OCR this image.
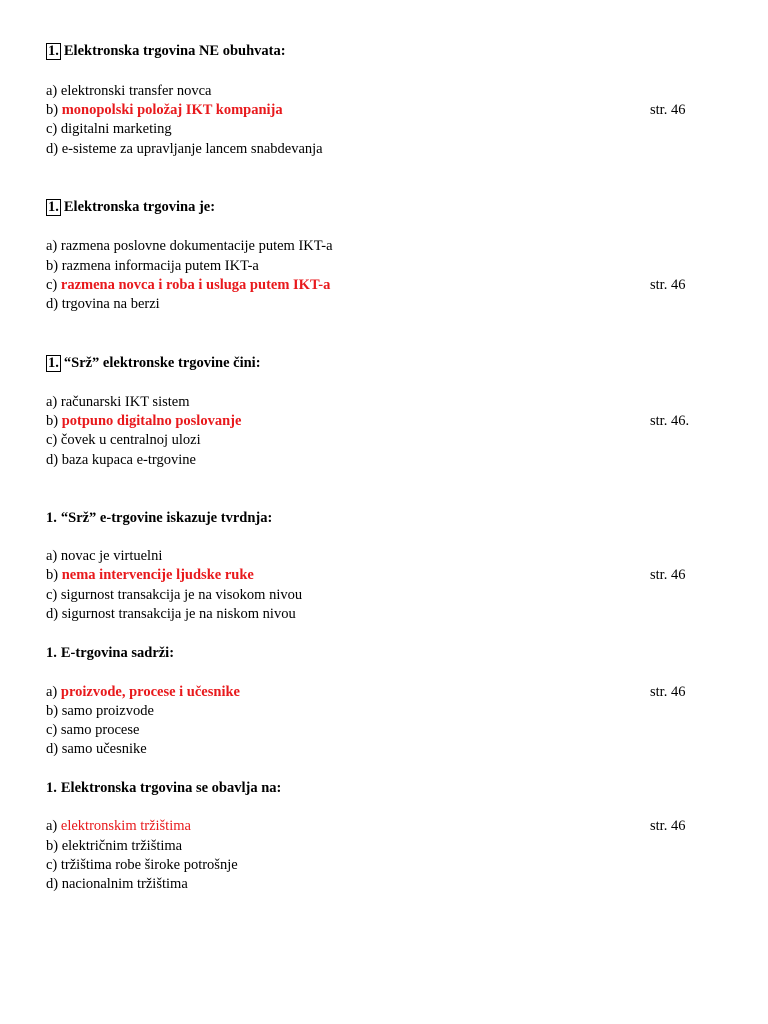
1. Elektronska trgovina NE obuhvata:
a) elektronski transfer novca
b) monopolski položaj IKT kompanija
c) digitalni marketing
d) e-sisteme za upravljanje lancem snabdevanja
str. 46
1. Elektronska trgovina je:
a) razmena poslovne dokumentacije putem IKT-a
b) razmena informacija putem IKT-a
c) razmena novca i roba i usluga putem IKT-a
d) trgovina na berzi
str. 46
1. “Srž” elektronske trgovine čini:
a) računarski IKT sistem
b) potpuno digitalno poslovanje
c) čovek u centralnoj ulozi
d) baza kupaca e-trgovine
str. 46.
1. “Srž” e-trgovine iskazuje tvrdnja:
a) novac je virtuelni
b) nema intervencije ljudske ruke
c) sigurnost transakcija je na visokom nivou
d) sigurnost transakcija je na niskom nivou
str. 46
1. E-trgovina sadrži:
a) proizvode, procese i učesnike
b) samo proizvode
c) samo procese
d) samo učesnike
str. 46
1. Elektronska trgovina se obavlja na:
a) elektronskim tržištima
b) električnim tržištima
c) tržištima robe široke potrošnje
d) nacionalnim tržištima
str. 46
